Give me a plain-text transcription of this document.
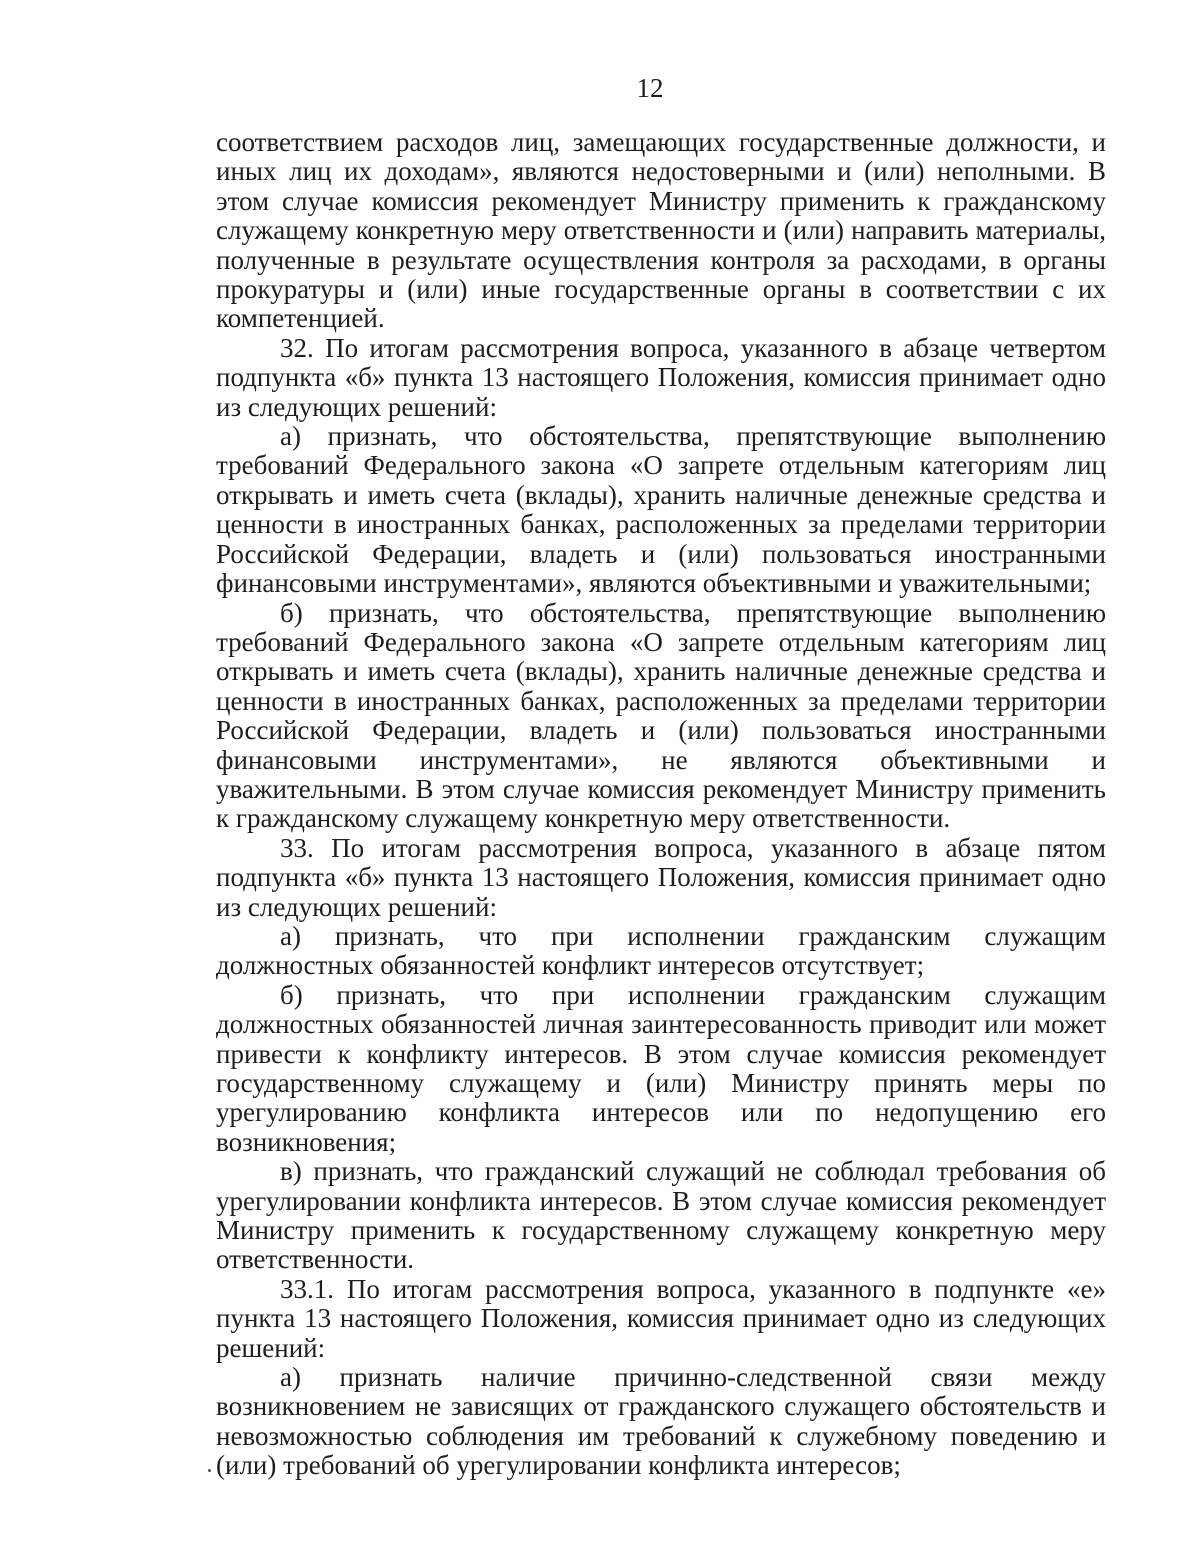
12

соответствием расходов лиц, замещающих государственные должности, и иных лиц их доходам», являются недостоверными и (или) неполными. В этом случае комиссия рекомендует Министру применить к гражданскому служащему конкретную меру ответственности и (или) направить материалы, полученные в результате осуществления контроля за расходами, в органы прокуратуры и (или) иные государственные органы в соответствии с их компетенцией.

32. По итогам рассмотрения вопроса, указанного в абзаце четвертом подпункта «б» пункта 13 настоящего Положения, комиссия принимает одно из следующих решений:

а) признать, что обстоятельства, препятствующие выполнению требований Федерального закона «О запрете отдельным категориям лиц открывать и иметь счета (вклады), хранить наличные денежные средства и ценности в иностранных банках, расположенных за пределами территории Российской Федерации, владеть и (или) пользоваться иностранными финансовыми инструментами», являются объективными и уважительными;

б) признать, что обстоятельства, препятствующие выполнению требований Федерального закона «О запрете отдельным категориям лиц открывать и иметь счета (вклады), хранить наличные денежные средства и ценности в иностранных банках, расположенных за пределами территории Российской Федерации, владеть и (или) пользоваться иностранными финансовыми инструментами», не являются объективными и уважительными. В этом случае комиссия рекомендует Министру применить к гражданскому служащему конкретную меру ответственности.

33. По итогам рассмотрения вопроса, указанного в абзаце пятом подпункта «б» пункта 13 настоящего Положения, комиссия принимает одно из следующих решений:

а) признать, что при исполнении гражданским служащим должностных обязанностей конфликт интересов отсутствует;

б) признать, что при исполнении гражданским служащим должностных обязанностей личная заинтересованность приводит или может привести к конфликту интересов. В этом случае комиссия рекомендует государственному служащему и (или) Министру принять меры по урегулированию конфликта интересов или по недопущению его возникновения;

в) признать, что гражданский служащий не соблюдал требования об урегулировании конфликта интересов. В этом случае комиссия рекомендует Министру применить к государственному служащему конкретную меру ответственности.

33.1. По итогам рассмотрения вопроса, указанного в подпункте «е» пункта 13 настоящего Положения, комиссия принимает одно из следующих решений:

а) признать наличие причинно-следственной связи между возникновением не зависящих от гражданского служащего обстоятельств и невозможностью соблюдения им требований к служебному поведению и (или) требований об урегулировании конфликта интересов;
